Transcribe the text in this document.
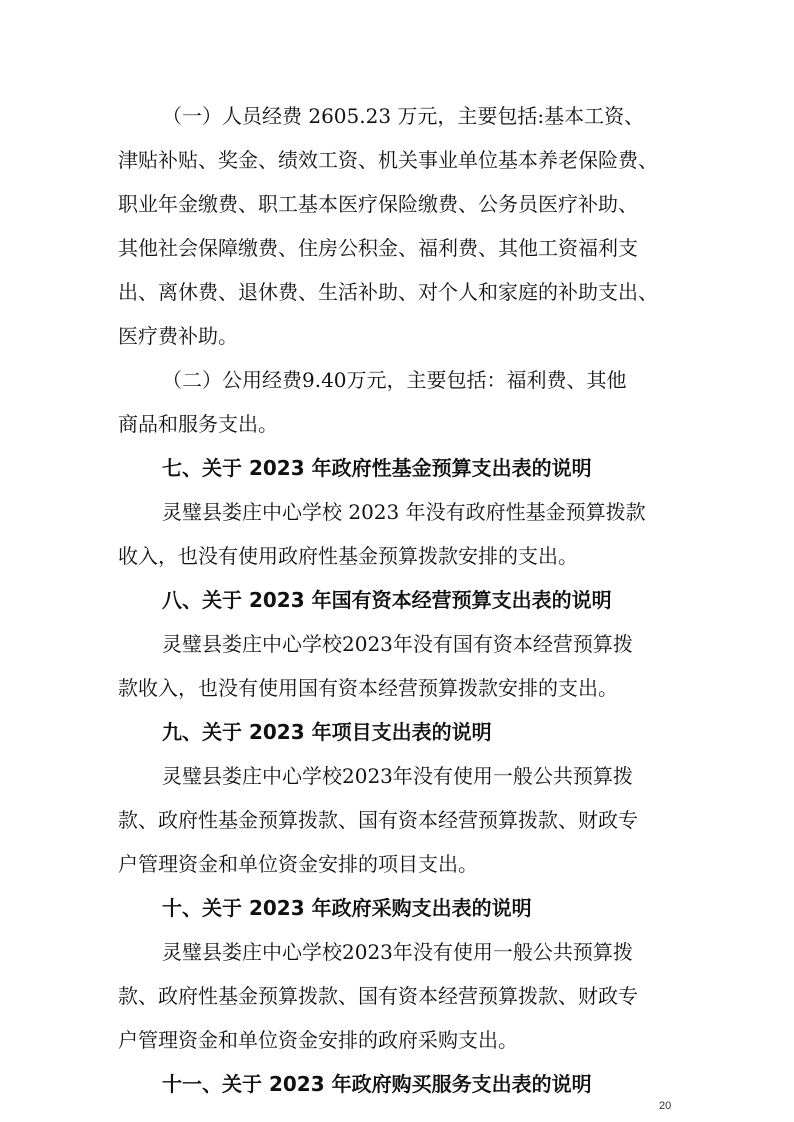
（一）人员经费 2605.23 万元，主要包括:基本工资、
津贴补贴、奖金、绩效工资、机关事业单位基本养老保险费、
职业年金缴费、职工基本医疗保险缴费、公务员医疗补助、
其他社会保障缴费、住房公积金、福利费、其他工资福利支
出、离休费、退休费、生活补助、对个人和家庭的补助支出、
医疗费补助。
（二）公用经费9.40万元，主要包括：福利费、其他
商品和服务支出。
七、关于 2023 年政府性基金预算支出表的说明
灵璧县娄庄中心学校 2023 年没有政府性基金预算拨款
收入，也没有使用政府性基金预算拨款安排的支出。
八、关于 2023 年国有资本经营预算支出表的说明
灵璧县娄庄中心学校2023年没有国有资本经营预算拨
款收入，也没有使用国有资本经营预算拨款安排的支出。
九、关于 2023 年项目支出表的说明
灵璧县娄庄中心学校2023年没有使用一般公共预算拨
款、政府性基金预算拨款、国有资本经营预算拨款、财政专
户管理资金和单位资金安排的项目支出。
十、关于 2023 年政府采购支出表的说明
灵璧县娄庄中心学校2023年没有使用一般公共预算拨
款、政府性基金预算拨款、国有资本经营预算拨款、财政专
户管理资金和单位资金安排的政府采购支出。
十一、关于 2023 年政府购买服务支出表的说明
20
